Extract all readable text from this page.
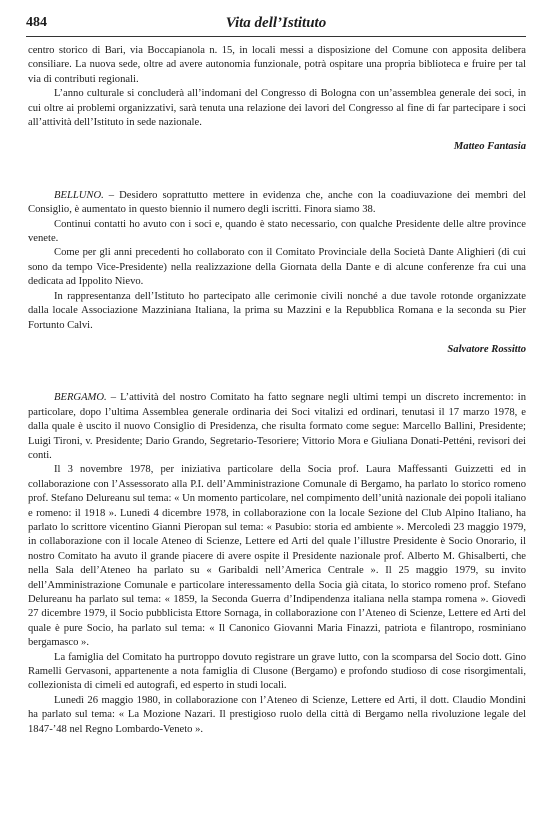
484	Vita dell’Istituto

centro storico di Bari, via Boccapianola n. 15, in locali messi a disposizione del Comune con apposita delibera consiliare. La nuova sede, oltre ad avere autonomia funzionale, potrà ospitare una propria biblioteca e fruire per tal via di contributi regionali.

L’anno culturale si concluderà all’indomani del Congresso di Bologna con un’assemblea generale dei soci, in cui oltre ai problemi organizzativi, sarà tenuta una relazione dei lavori del Congresso al fine di far partecipare i soci all’attività dell’Istituto in sede nazionale.

Matteo Fantasia

BELLUNO. – Desidero soprattutto mettere in evidenza che, anche con la coadiuvazione dei membri del Consiglio, è aumentato in questo biennio il numero degli iscritti. Finora siamo 38.

Continui contatti ho avuto con i soci e, quando è stato necessario, con qualche Presidente delle altre province venete.

Come per gli anni precedenti ho collaborato con il Comitato Provinciale della Società Dante Alighieri (di cui sono da tempo Vice-Presidente) nella realizzazione della Giornata della Dante e di alcune conferenze fra cui una dedicata ad Ippolito Nievo.

In rappresentanza dell’Istituto ho partecipato alle cerimonie civili nonché a due tavole rotonde organizzate dalla locale Associazione Mazziniana Italiana, la prima su Mazzini e la Repubblica Romana e la seconda su Pier Fortunto Calvi.

Salvatore Rossitto

BERGAMO. – L’attività del nostro Comitato ha fatto segnare negli ultimi tempi un discreto incremento: in particolare, dopo l’ultima Assemblea generale ordinaria dei Soci vitalizi ed ordinari, tenutasi il 17 marzo 1978, e dalla quale è uscito il nuovo Consiglio di Presidenza, che risulta formato come segue: Marcello Ballini, Presidente; Luigi Tironi, v. Presidente; Dario Grando, Segretario-Tesoriere; Vittorio Mora e Giuliana Donati-Petténi, revisori dei conti.

Il 3 novembre 1978, per iniziativa particolare della Socia prof. Laura Maffessanti Guizzetti ed in collaborazione con l’Assessorato alla P.I. dell’Amministrazione Comunale di Bergamo, ha parlato lo storico romeno prof. Stefano Delureanu sul tema: « Un momento particolare, nel compimento dell’unità nazionale dei popoli italiano e romeno: il 1918 ». Lunedì 4 dicembre 1978, in collaborazione con la locale Sezione del Club Alpino Italiano, ha parlato lo scrittore vicentino Gianni Pieropan sul tema: « Pasubio: storia ed ambiente ». Mercoledì 23 maggio 1979, in collaborazione con il locale Ateneo di Scienze, Lettere ed Arti del quale l’illustre Presidente è Socio Onorario, il nostro Comitato ha avuto il grande piacere di avere ospite il Presidente nazionale prof. Alberto M. Ghisalberti, che nella Sala dell’Ateneo ha parlato su « Garibaldi nell’America Centrale ». Il 25 maggio 1979, su invito dell’Amministrazione Comunale e particolare interessamento della Socia già citata, lo storico romeno prof. Stefano Delureanu ha parlato sul tema: « 1859, la Seconda Guerra d’Indipendenza italiana nella stampa romena ». Giovedì 27 dicembre 1979, il Socio pubblicista Ettore Sornaga, in collaborazione con l’Ateneo di Scienze, Lettere ed Arti del quale è pure Socio, ha parlato sul tema: « Il Canonico Giovanni Maria Finazzi, patriota e filantropo, rosminiano bergamasco ».

La famiglia del Comitato ha purtroppo dovuto registrare un grave lutto, con la scomparsa del Socio dott. Gino Ramelli Gervasoni, appartenente a nota famiglia di Clusone (Bergamo) e profondo studioso di cose risorgimentali, collezionista di cimeli ed autografi, ed esperto in studi locali.

Lunedì 26 maggio 1980, in collaborazione con l’Ateneo di Scienze, Lettere ed Arti, il dott. Claudio Mondini ha parlato sul tema: « La Mozione Nazari. Il prestigioso ruolo della città di Bergamo nella rivoluzione legale del 1847-’48 nel Regno Lombardo-Veneto ».
